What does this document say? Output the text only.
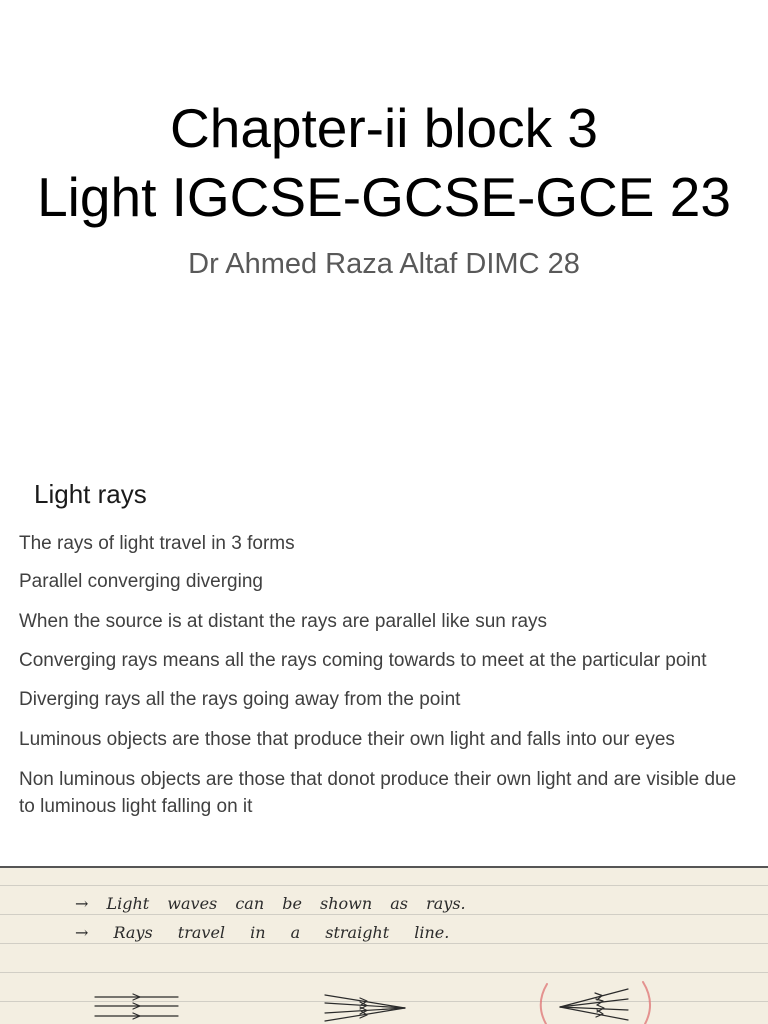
Chapter-ii block 3
Light IGCSE-GCSE-GCE 23

Dr Ahmed Raza Altaf DIMC 28

Light rays

The rays of light travel in 3 forms

Parallel converging diverging

When the source is at distant the rays are parallel like sun rays

Converging rays means all the rays coming towards to meet at the particular point

Diverging rays all the rays going away from the point

Luminous objects are those that produce their own light and falls into our eyes

Non luminous objects are those that donot produce their own light and are visible due to luminous light falling on it

→ Light waves can be shown as rays.

→ Rays travel in a straight line.
